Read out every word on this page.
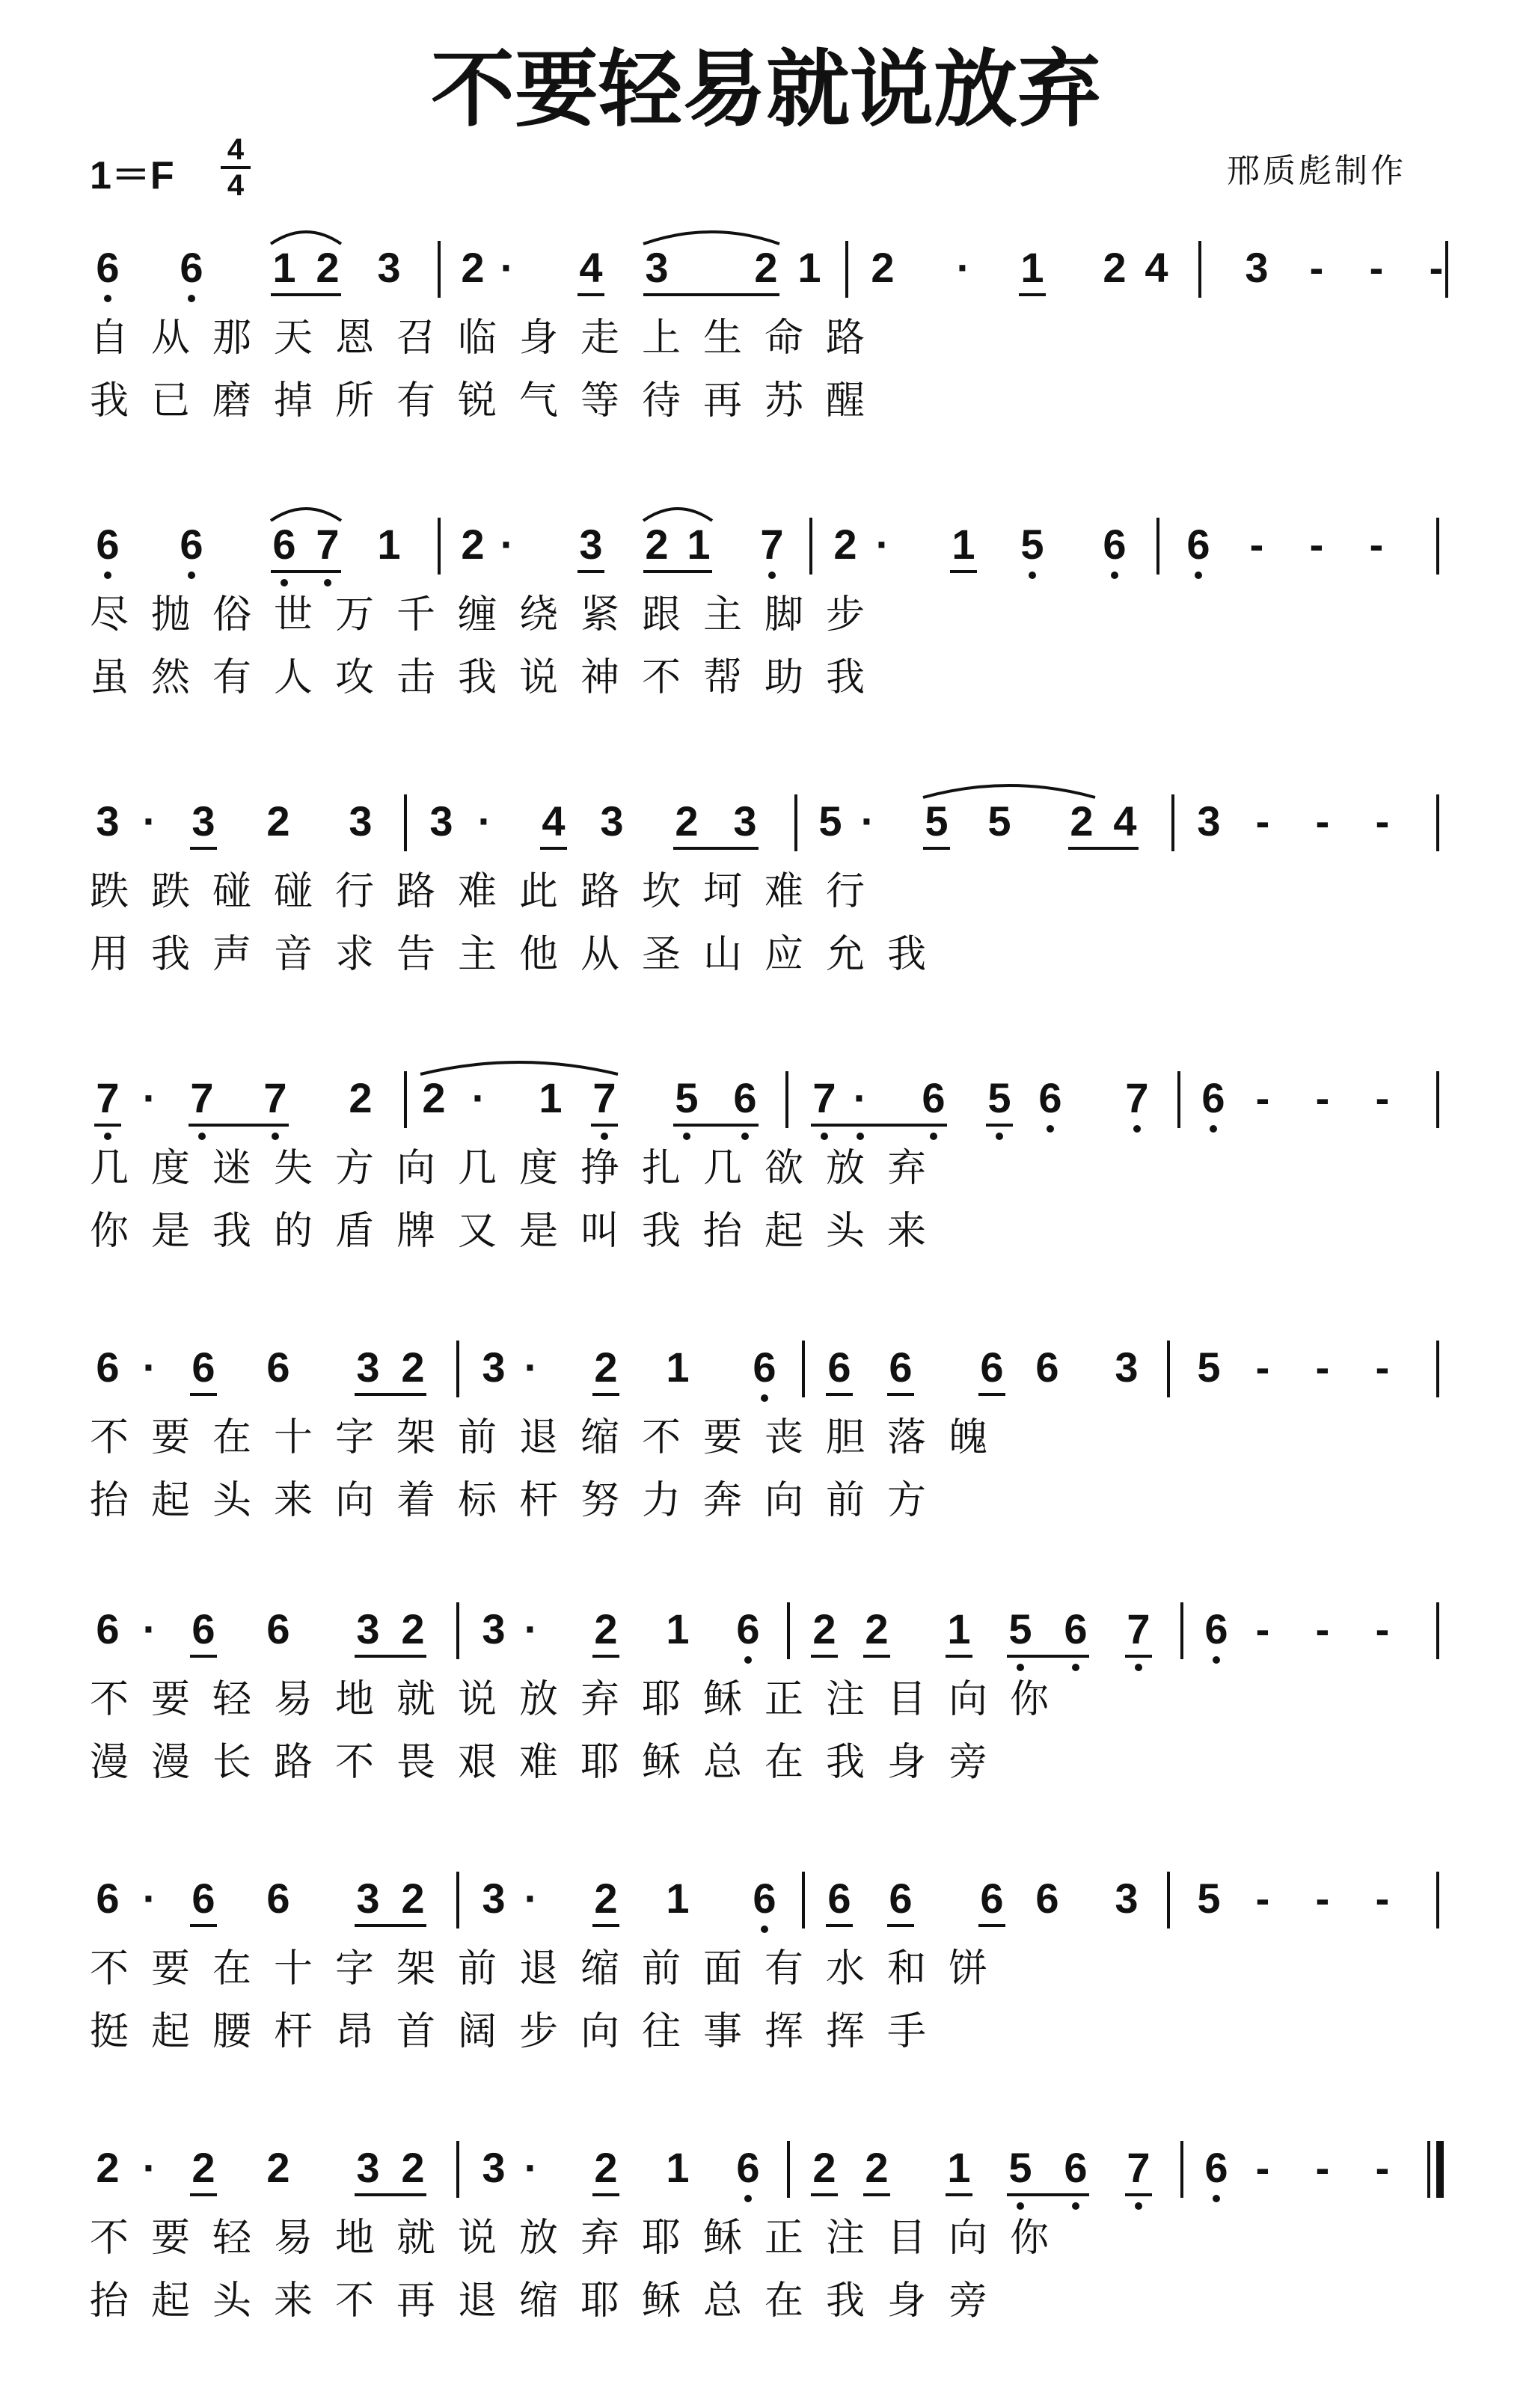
不要轻易就说放弃
1＝F
4
4	邢质彪制作
6 6 1 2 3 2 ·	4 3 2 1 2	·	1 2 4 3 -	-	-
自从那天恩召临身走上生命路
我已磨掉所有锐气等待再苏醒
6 6 6 7 1 2 ·	3 2 1 7 2 ·	1 5 6 6 -	-	-
尽抛俗世万千缠绕紧跟主脚步
虽然有人攻击我说神不帮助我
3 · 3 2 3 3 ·	4 3 2 3 5 ·	5 5 2 4 3 -	-	-
跌跌碰碰行路难此路坎坷难行
用我声音求告主他从圣山应允我
7 · 7 7 2 2 ·	1 7 5 6 7 ·	6 5 6 7 6 -	-	-
几度迷失方向几度挣扎几欲放弃
你是我的盾牌又是叫我抬起头来
6 · 6 6 3 2 3 ·	2 1 6 6 6 6 6 3 5 -	-	-
不要在十字架前退缩不要丧胆落魄
抬起头来向着标杆努力奔向前方
6 · 6 6 3 2 3 ·	2 1 6 2 2 1 5 6 7 6 -	-	-
不要轻易地就说放弃耶稣正注目向你
漫漫长路不畏艰难耶稣总在我身旁
6 · 6 6 3 2 3 ·	2 1 6 6 6 6 6 3 5 -	-	-
不要在十字架前退缩前面有水和饼
挺起腰杆昂首阔步向往事挥挥手
2 · 2 2 3 2 3 ·	2 1 6 2 2 1 5 6 7 6 -	-	-
不要轻易地就说放弃耶稣正注目向你
抬起头来不再退缩耶稣总在我身旁
